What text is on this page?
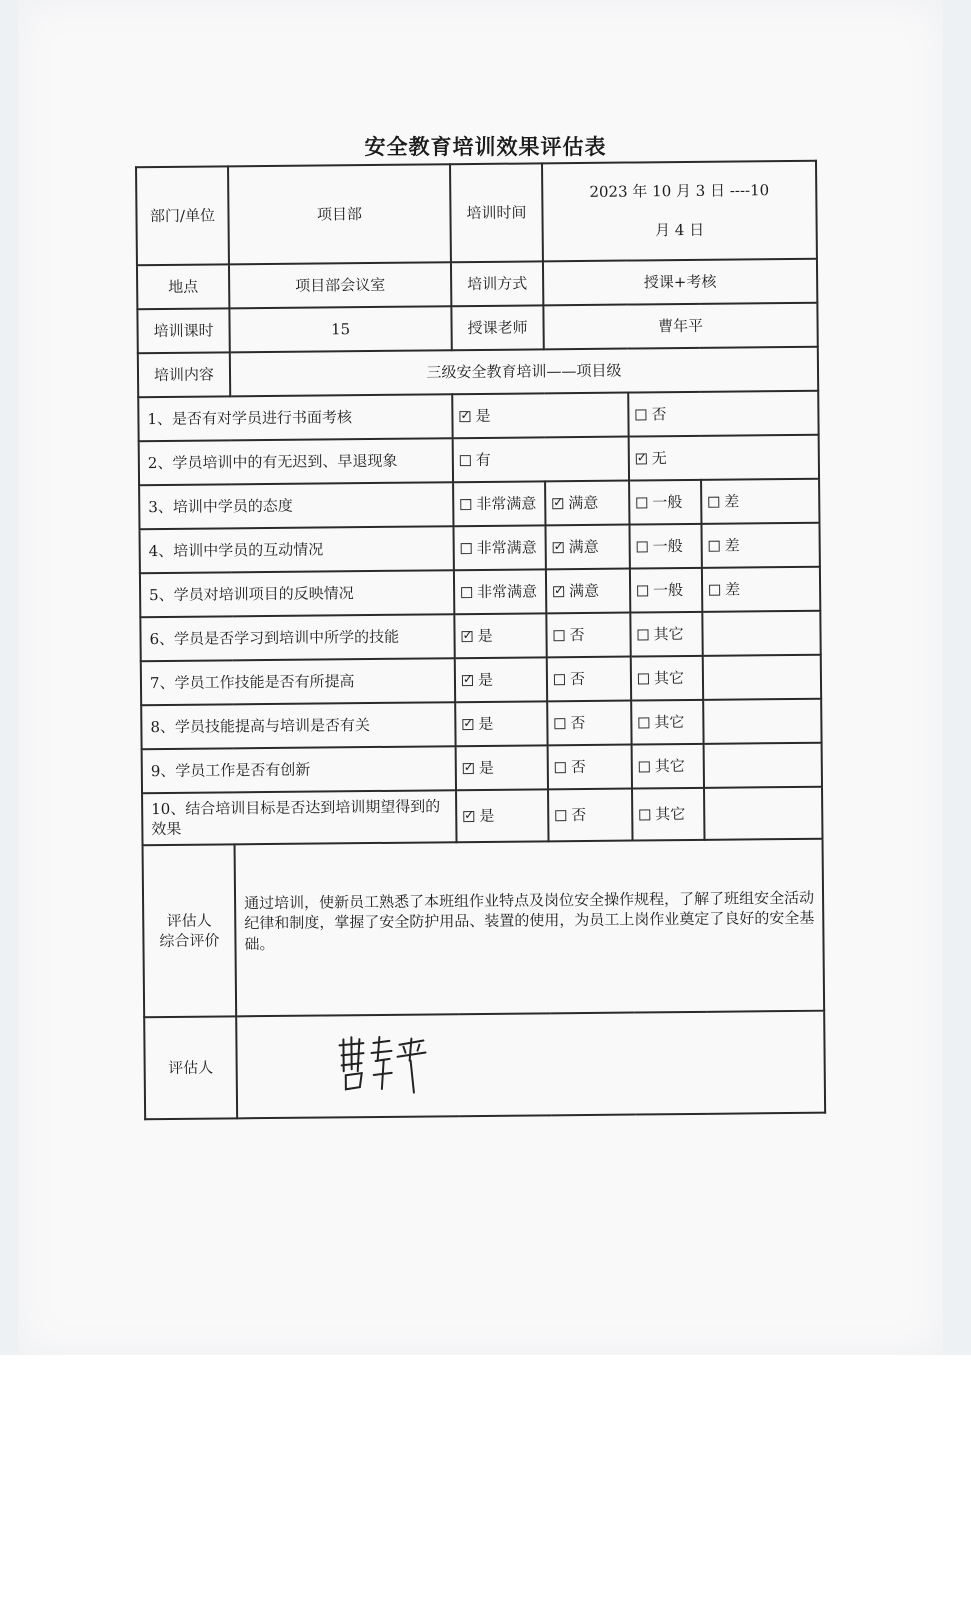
安全教育培训效果评估表
部门/单位	项目部	培训时间	2023 年 10 月 3 日 ----10
月 4 日		

地点	项目部会议室	培训方式	授课+考核		
培训课时	15	授课老师	曹年平		
培训内容	三级安全教育培训——项目级				
1、是否有对学员进行书面考核	✓是		否	
2、学员培训中的有无迟到、早退现象		有	✓无
3、培训中学员的态度		非常满意	✓满意	一般	差
4、培训中学员的互动情况		非常满意	✓满意	一般	差
5、学员对培训项目的反映情况		非常满意	✓满意	一般	差
6、学员是否学习到培训中所学的技能	✓是	否	其它	
7、学员工作技能是否有所提高	✓是	否	其它	
8、学员技能提高与培训是否有关	✓是	否	其它	
9、学员工作是否有创新	✓是	否	其它	
10、结合培训目标是否达到培训期望得到的效果	✓是	否	其它	

评估人
综合评价	通过培训，使新员工熟悉了本班组作业特点及岗位安全操作规程，了解了班组安全活动纪律和制度，掌握了安全防护用品、装置的使用，为员工上岗作业奠定了良好的安全基础。				
评估人	
